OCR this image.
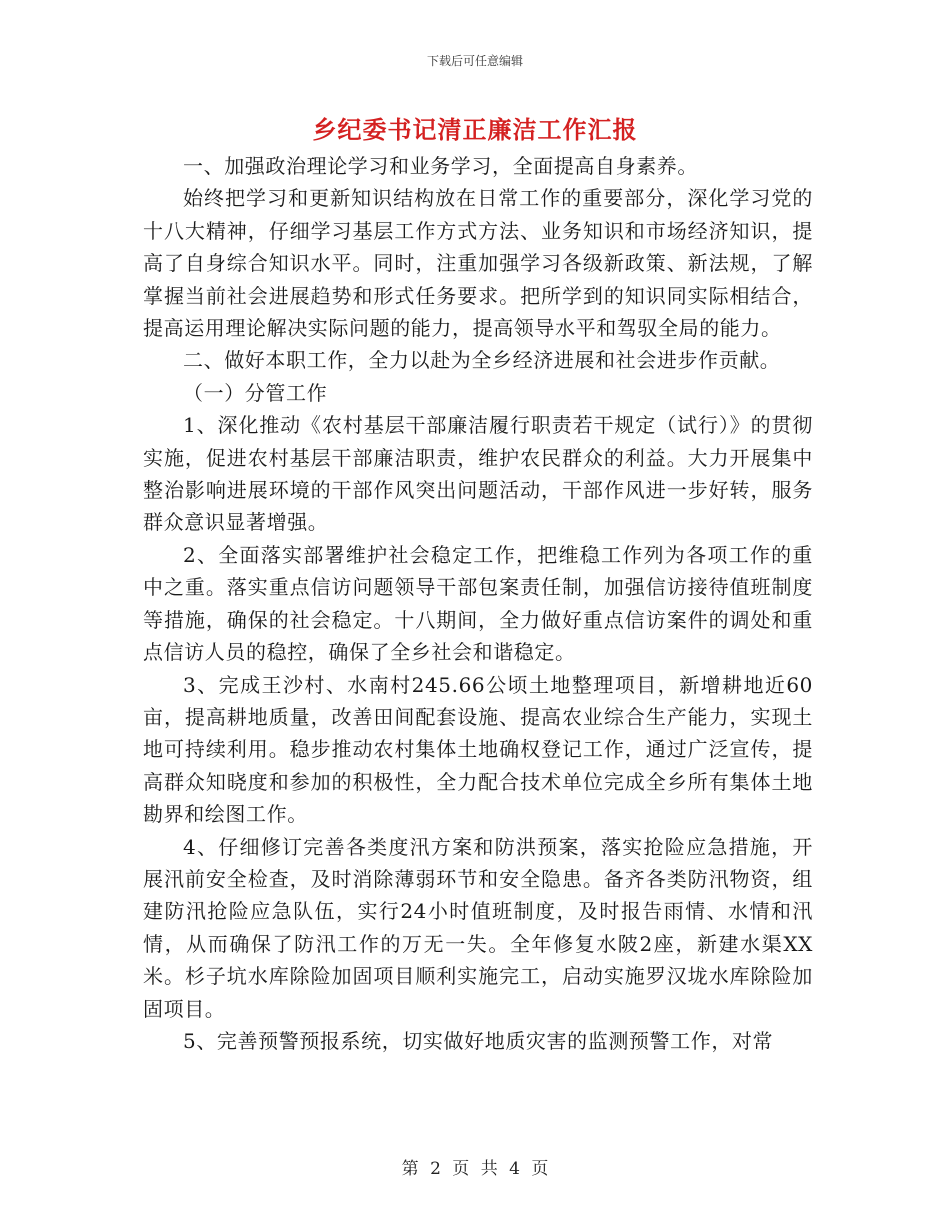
下载后可任意编辑
乡纪委书记清正廉洁工作汇报

一、加强政治理论学习和业务学习，全面提高自身素养。

始终把学习和更新知识结构放在日常工作的重要部分，深化学习党的十八大精神，仔细学习基层工作方式方法、业务知识和市场经济知识，提高了自身综合知识水平。同时，注重加强学习各级新政策、新法规，了解掌握当前社会进展趋势和形式任务要求。把所学到的知识同实际相结合，提高运用理论解决实际问题的能力，提高领导水平和驾驭全局的能力。

二、做好本职工作，全力以赴为全乡经济进展和社会进步作贡献。

（一）分管工作

1、深化推动《农村基层干部廉洁履行职责若干规定（试行）》的贯彻实施，促进农村基层干部廉洁职责，维护农民群众的利益。大力开展集中整治影响进展环境的干部作风突出问题活动，干部作风进一步好转，服务群众意识显著增强。

2、全面落实部署维护社会稳定工作，把维稳工作列为各项工作的重中之重。落实重点信访问题领导干部包案责任制，加强信访接待值班制度等措施，确保的社会稳定。十八期间，全力做好重点信访案件的调处和重点信访人员的稳控，确保了全乡社会和谐稳定。

3、完成王沙村、水南村245.66公顷土地整理项目，新增耕地近60亩，提高耕地质量，改善田间配套设施、提高农业综合生产能力，实现土地可持续利用。稳步推动农村集体土地确权登记工作，通过广泛宣传，提高群众知晓度和参加的积极性，全力配合技术单位完成全乡所有集体土地勘界和绘图工作。

4、仔细修订完善各类度汛方案和防洪预案，落实抢险应急措施，开展汛前安全检查，及时消除薄弱环节和安全隐患。备齐各类防汛物资，组建防汛抢险应急队伍，实行24小时值班制度，及时报告雨情、水情和汛情，从而确保了防汛工作的万无一失。全年修复水陂2座，新建水渠XX米。杉子坑水库除险加固项目顺利实施完工，启动实施罗汉垅水库除险加固项目。

5、完善预警预报系统，切实做好地质灾害的监测预警工作，对常

第 2 页 共 4 页
